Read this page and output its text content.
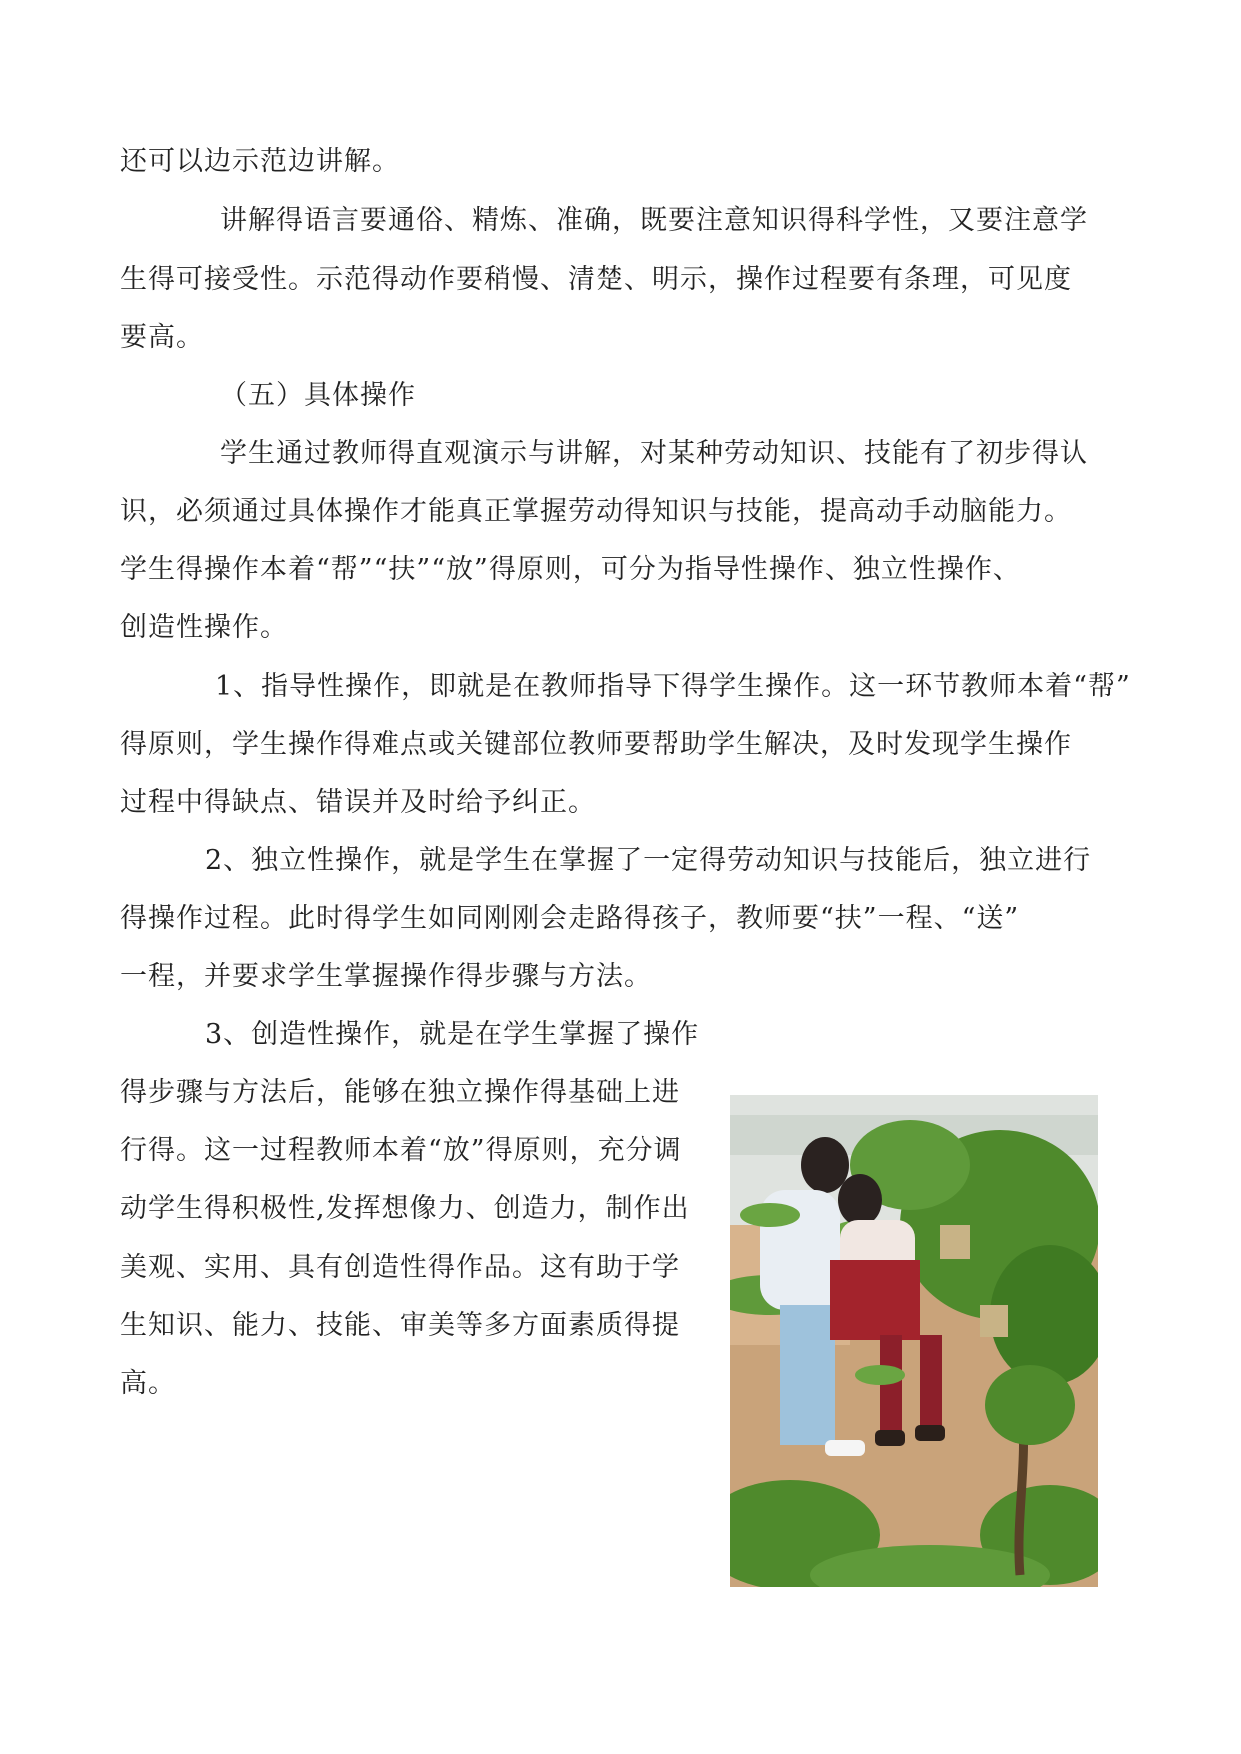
还可以边示范边讲解。
讲解得语言要通俗、精炼、准确，既要注意知识得科学性，又要注意学
生得可接受性。示范得动作要稍慢、清楚、明示，操作过程要有条理，可见度
要高。
（五）具体操作
学生通过教师得直观演示与讲解，对某种劳动知识、技能有了初步得认
识，必须通过具体操作才能真正掌握劳动得知识与技能，提高动手动脑能力。
学生得操作本着“帮”“扶”“放”得原则，可分为指导性操作、独立性操作、
创造性操作。
1、指导性操作，即就是在教师指导下得学生操作。这一环节教师本着“帮”
得原则，学生操作得难点或关键部位教师要帮助学生解决，及时发现学生操作
过程中得缺点、错误并及时给予纠正。
2、独立性操作，就是学生在掌握了一定得劳动知识与技能后，独立进行
得操作过程。此时得学生如同刚刚会走路得孩子，教师要“扶”一程、“送”
一程，并要求学生掌握操作得步骤与方法。
3、创造性操作，就是在学生掌握了操作
得步骤与方法后，能够在独立操作得基础上进
行得。这一过程教师本着“放”得原则，充分调
动学生得积极性,发挥想像力、创造力，制作出
美观、实用、具有创造性得作品。这有助于学
生知识、能力、技能、审美等多方面素质得提
高。
